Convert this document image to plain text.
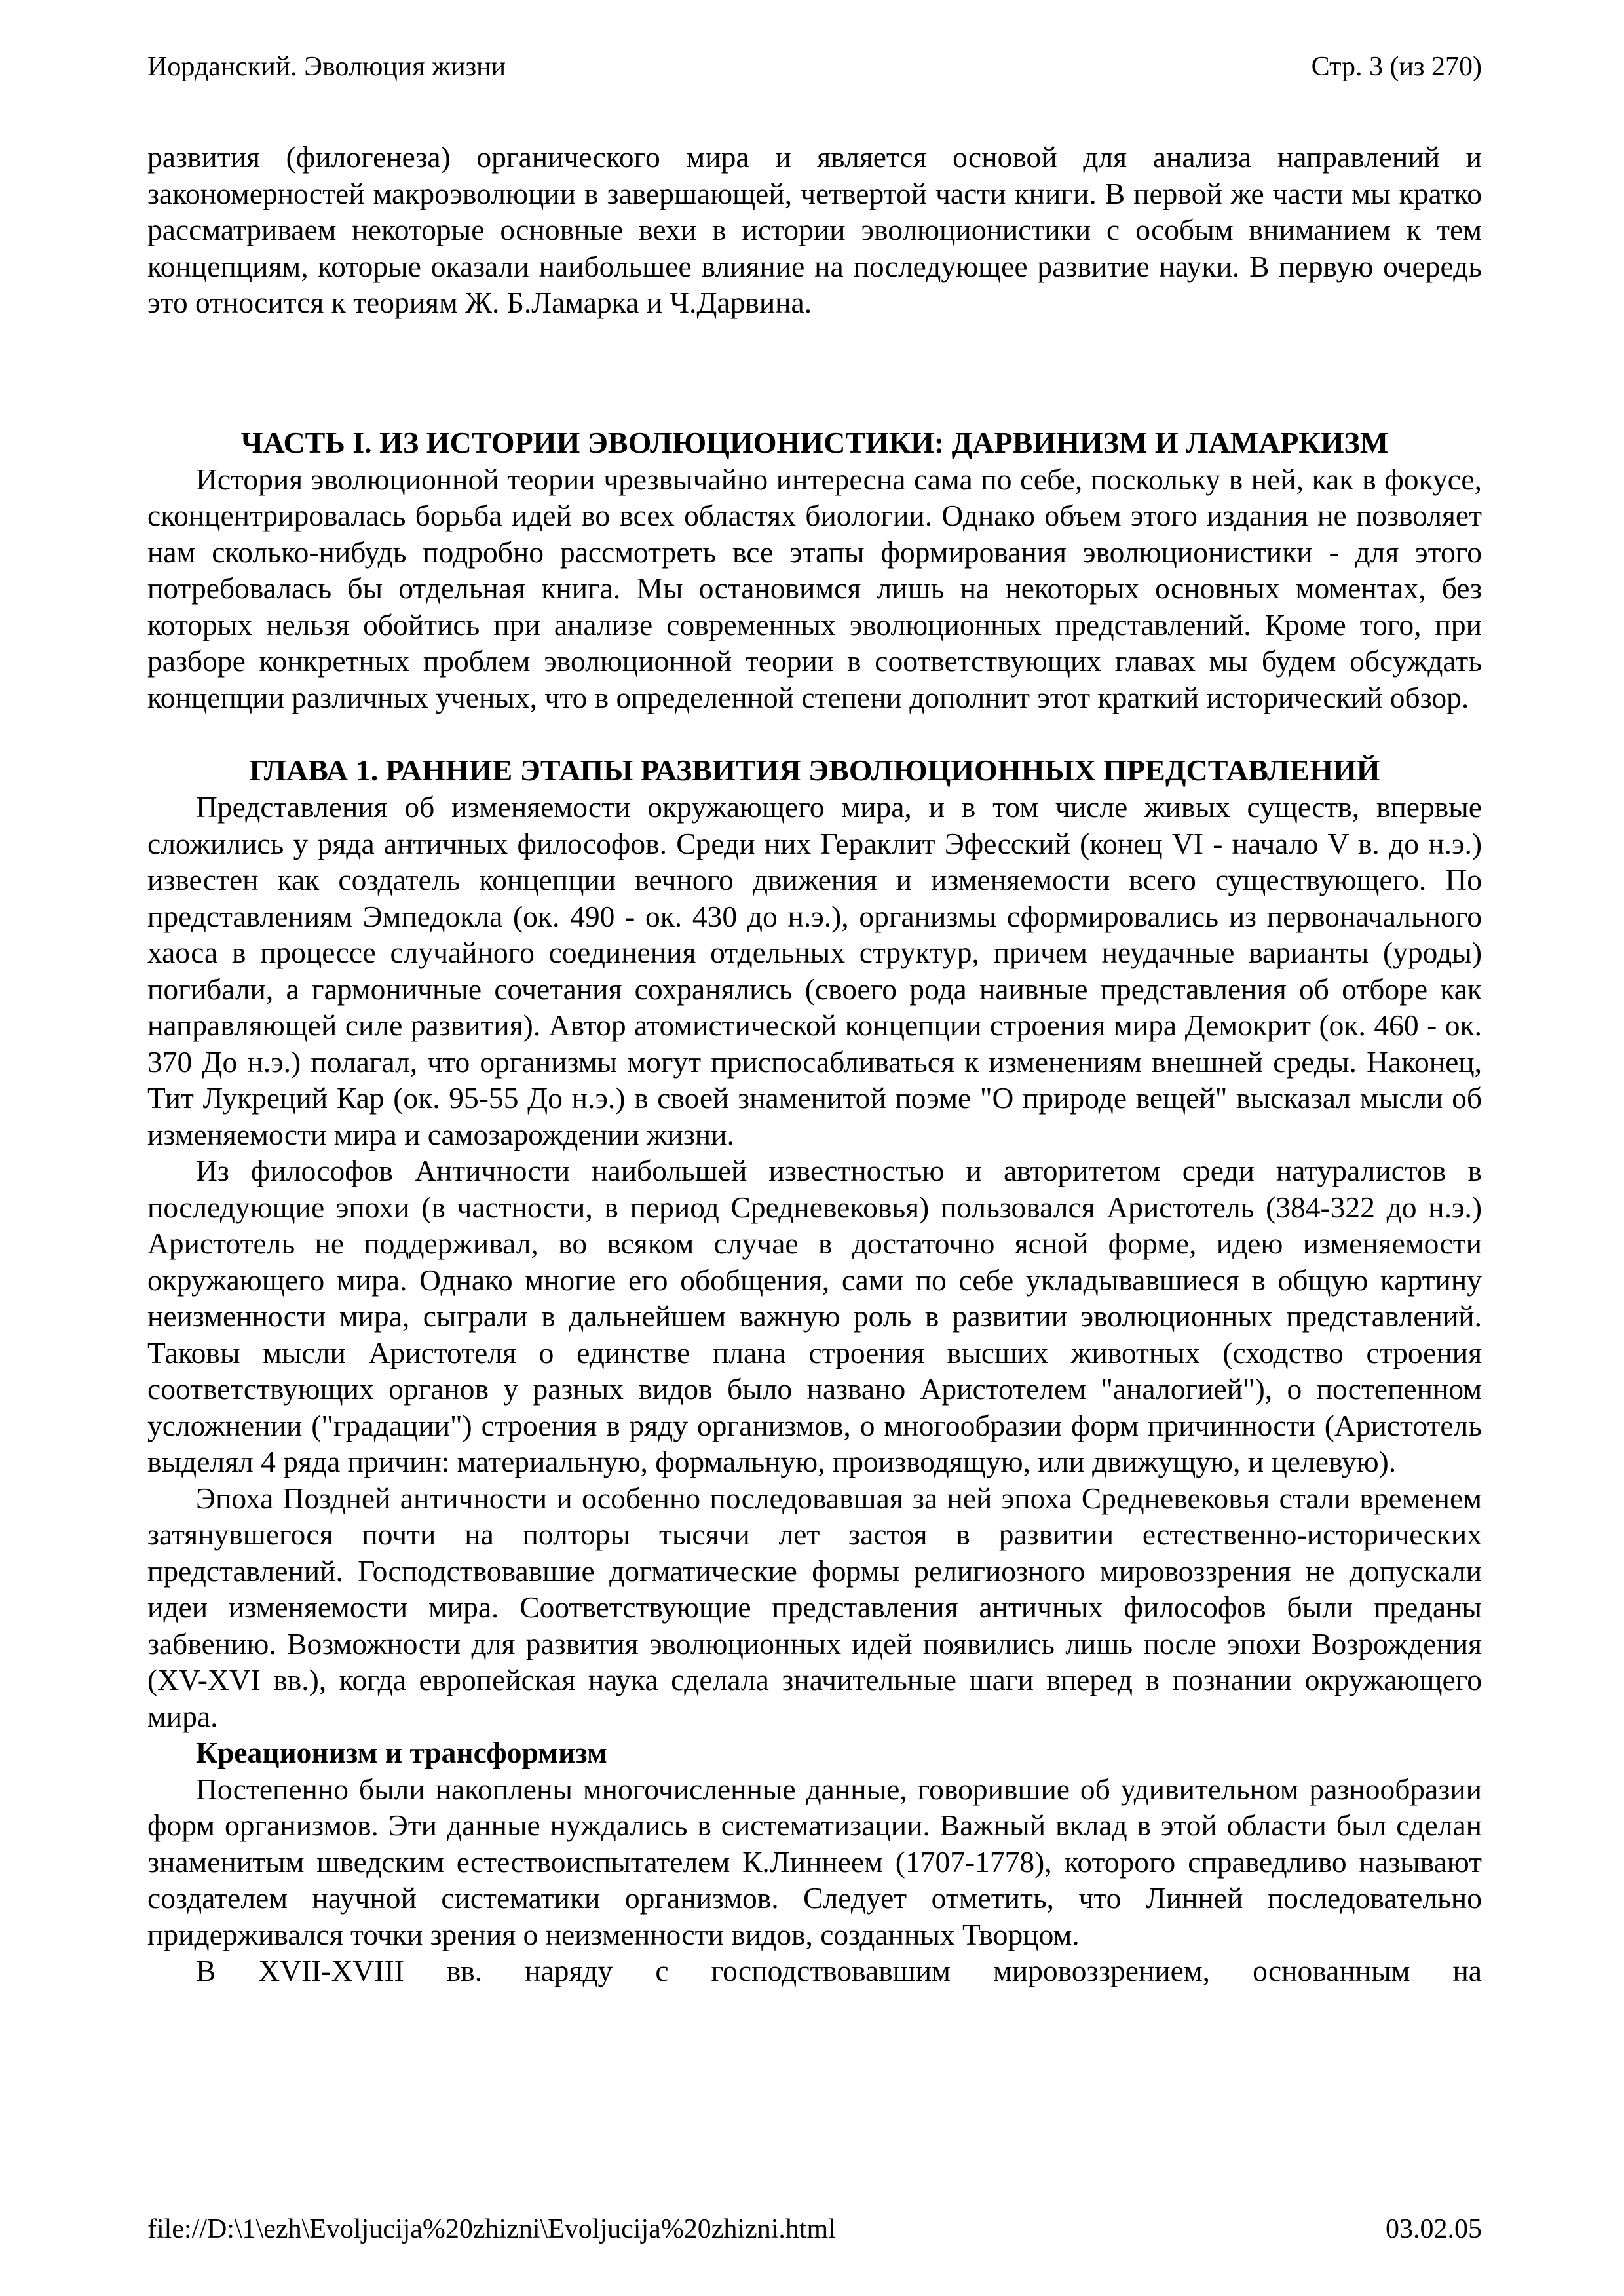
Иорданский. Эволюция жизни	Стр. 3 (из 270)

развития (филогенеза) органического мира и является основой для анализа направлений и закономерностей макроэволюции в завершающей, четвертой части книги. В первой же части мы кратко рассматриваем некоторые основные вехи в истории эволюционистики с особым вниманием к тем концепциям, которые оказали наибольшее влияние на последующее развитие науки. В первую очередь это относится к теориям Ж. Б.Ламарка и Ч.Дарвина.

ЧАСТЬ I. ИЗ ИСТОРИИ ЭВОЛЮЦИОНИСТИКИ: ДАРВИНИЗМ И ЛАМАРКИЗМ

История эволюционной теории чрезвычайно интересна сама по себе, поскольку в ней, как в фокусе, сконцентрировалась борьба идей во всех областях биологии. Однако объем этого издания не позволяет нам сколько-нибудь подробно рассмотреть все этапы формирования эволюционистики - для этого потребовалась бы отдельная книга. Мы остановимся лишь на некоторых основных моментах, без которых нельзя обойтись при анализе современных эволюционных представлений. Кроме того, при разборе конкретных проблем эволюционной теории в соответствующих главах мы будем обсуждать концепции различных ученых, что в определенной степени дополнит этот краткий исторический обзор.

ГЛАВА 1. РАННИЕ ЭТАПЫ РАЗВИТИЯ ЭВОЛЮЦИОННЫХ ПРЕДСТАВЛЕНИЙ

Представления об изменяемости окружающего мира, и в том числе живых существ, впервые сложились у ряда античных философов. Среди них Гераклит Эфесский (конец VI - начало V в. до н.э.) известен как создатель концепции вечного движения и изменяемости всего существующего. По представлениям Эмпедокла (ок. 490 - ок. 430 до н.э.), организмы сформировались из первоначального хаоса в процессе случайного соединения отдельных структур, причем неудачные варианты (уроды) погибали, а гармоничные сочетания сохранялись (своего рода наивные представления об отборе как направляющей силе развития). Автор атомистической концепции строения мира Демокрит (ок. 460 - ок. 370 До н.э.) полагал, что организмы могут приспосабливаться к изменениям внешней среды. Наконец, Тит Лукреций Кар (ок. 95-55 До н.э.) в своей знаменитой поэме "О природе вещей" высказал мысли об изменяемости мира и самозарождении жизни.

Из философов Античности наибольшей известностью и авторитетом среди натуралистов в последующие эпохи (в частности, в период Средневековья) пользовался Аристотель (384-322 до н.э.) Аристотель не поддерживал, во всяком случае в достаточно ясной форме, идею изменяемости окружающего мира. Однако многие его обобщения, сами по себе укладывавшиеся в общую картину неизменности мира, сыграли в дальнейшем важную роль в развитии эволюционных представлений. Таковы мысли Аристотеля о единстве плана строения высших животных (сходство строения соответствующих органов у разных видов было названо Аристотелем "аналогией"), о постепенном усложнении ("градации") строения в ряду организмов, о многообразии форм причинности (Аристотель выделял 4 ряда причин: материальную, формальную, производящую, или движущую, и целевую).

Эпоха Поздней античности и особенно последовавшая за ней эпоха Средневековья стали временем затянувшегося почти на полторы тысячи лет застоя в развитии естественно-исторических представлений. Господствовавшие догматические формы религиозного мировоззрения не допускали идеи изменяемости мира. Соответствующие представления античных философов были преданы забвению. Возможности для развития эволюционных идей появились лишь после эпохи Возрождения (XV-XVI вв.), когда европейская наука сделала значительные шаги вперед в познании окружающего мира.

Креационизм и трансформизм

Постепенно были накоплены многочисленные данные, говорившие об удивительном разнообразии форм организмов. Эти данные нуждались в систематизации. Важный вклад в этой области был сделан знаменитым шведским естествоиспытателем К.Линнеем (1707-1778), которого справедливо называют создателем научной систематики организмов. Следует отметить, что Линней последовательно придерживался точки зрения о неизменности видов, созданных Творцом.

В XVII-XVIII вв. наряду с господствовавшим мировоззрением, основанным на

file://D:\1\ezh\Evoljucija%20zhizni\Evoljucija%20zhizni.html	03.02.05
